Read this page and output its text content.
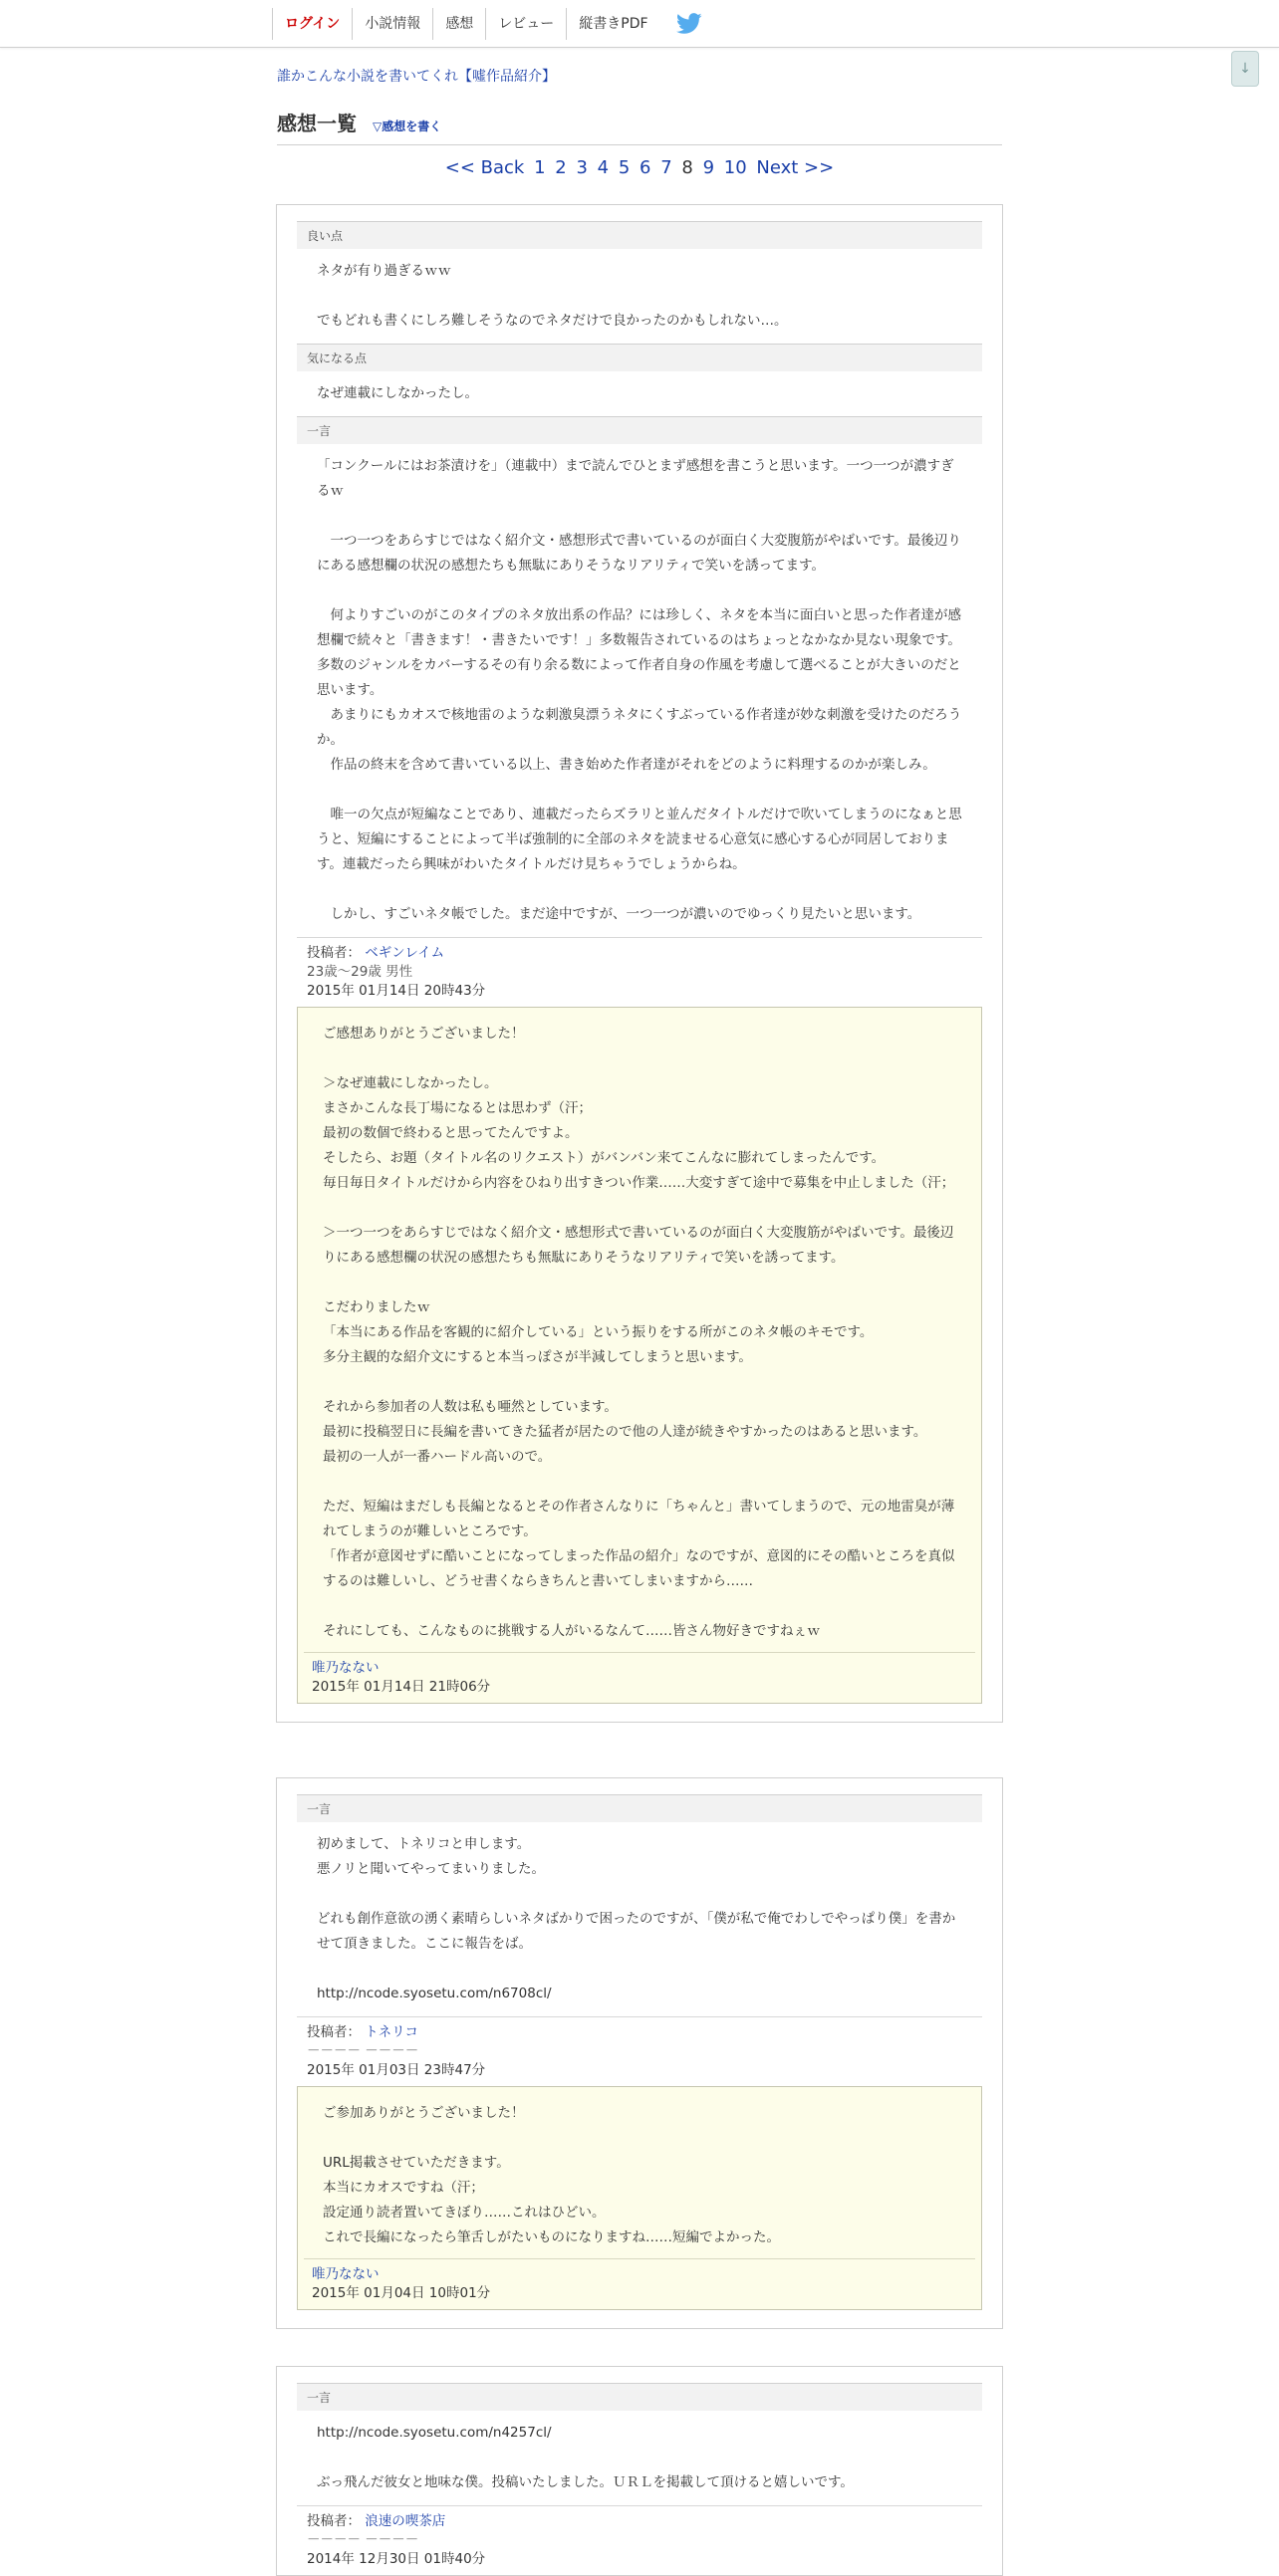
ログイン	小説情報	感想	レビュー	縦書きPDF
↓
誰かこんな小説を書いてくれ【噓作品紹介】
感想一覧 ▽感想を書く
<< Back 1 2 3 4 5 6 7 8 9 10 Next >>
良い点
ネタが有り過ぎるｗｗ

でもどれも書くにしろ難しそうなのでネタだけで良かったのかもしれない…。
気になる点
なぜ連載にしなかったし。
一言
「コンクールにはお茶漬けを」（連載中）まで読んでひとまず感想を書こうと思います。一つ一つが濃すぎるｗ

　一つ一つをあらすじではなく紹介文・感想形式で書いているのが面白く大変腹筋がやばいです。最後辺りにある感想欄の状況の感想たちも無駄にありそうなリアリティで笑いを誘ってます。

　何よりすごいのがこのタイプのネタ放出系の作品？には珍しく、ネタを本当に面白いと思った作者達が感想欄で続々と「書きます！・書きたいです！」多数報告されているのはちょっとなかなか見ない現象です。多数のジャンルをカバーするその有り余る数によって作者自身の作風を考慮して選べることが大きいのだと思います。
　あまりにもカオスで核地雷のような刺激臭漂うネタにくすぶっている作者達が妙な刺激を受けたのだろうか。
　作品の終末を含めて書いている以上、書き始めた作者達がそれをどのように料理するのかが楽しみ。

　唯一の欠点が短編なことであり、連載だったらズラリと並んだタイトルだけで吹いてしまうのになぁと思うと、短編にすることによって半ば強制的に全部のネタを読ませる心意気に感心する心が同居しております。連載だったら興味がわいたタイトルだけ見ちゃうでしょうからね。

　しかし、すごいネタ帳でした。まだ途中ですが、一つ一つが濃いのでゆっくり見たいと思います。
投稿者： ベギンレイム
23歳～29歳 男性
2015年 01月14日 20時43分
ご感想ありがとうございました！

＞なぜ連載にしなかったし。
まさかこんな長丁場になるとは思わず（汗；
最初の数個で終わると思ってたんですよ。
そしたら、お題（タイトル名のリクエスト）がバンバン来てこんなに膨れてしまったんです。
毎日毎日タイトルだけから内容をひねり出すきつい作業……大変すぎて途中で募集を中止しました（汗；

＞一つ一つをあらすじではなく紹介文・感想形式で書いているのが面白く大変腹筋がやばいです。最後辺りにある感想欄の状況の感想たちも無駄にありそうなリアリティで笑いを誘ってます。

こだわりましたｗ
「本当にある作品を客観的に紹介している」という振りをする所がこのネタ帳のキモです。
多分主観的な紹介文にすると本当っぽさが半減してしまうと思います。

それから参加者の人数は私も唖然としています。
最初に投稿翌日に長編を書いてきた猛者が居たので他の人達が続きやすかったのはあると思います。
最初の一人が一番ハードル高いので。

ただ、短編はまだしも長編となるとその作者さんなりに「ちゃんと」書いてしまうので、元の地雷臭が薄れてしまうのが難しいところです。
「作者が意図せずに酷いことになってしまった作品の紹介」なのですが、意図的にその酷いところを真似するのは難しいし、どうせ書くならきちんと書いてしまいますから……

それにしても、こんなものに挑戦する人がいるなんて……皆さん物好きですねぇｗ
唯乃なない
2015年 01月14日 21時06分
一言
初めまして、トネリコと申します。
悪ノリと聞いてやってまいりました。

どれも創作意欲の湧く素晴らしいネタばかりで困ったのですが、「僕が私で俺でわしでやっぱり僕」を書かせて頂きました。ここに報告をば。

http://ncode.syosetu.com/n6708cl/
投稿者： トネリコ
－－－－ －－－－
2015年 01月03日 23時47分
ご参加ありがとうございました！

URL掲載させていただきます。
本当にカオスですね（汗；
設定通り読者置いてきぼり……これはひどい。
これで長編になったら筆舌しがたいものになりますね……短編でよかった。
唯乃なない
2015年 01月04日 10時01分
一言
http://ncode.syosetu.com/n4257cl/

ぶっ飛んだ彼女と地味な僕。投稿いたしました。ＵＲＬを掲載して頂けると嬉しいです。
投稿者： 浪速の喫茶店
－－－－ －－－－
2014年 12月30日 01時40分
